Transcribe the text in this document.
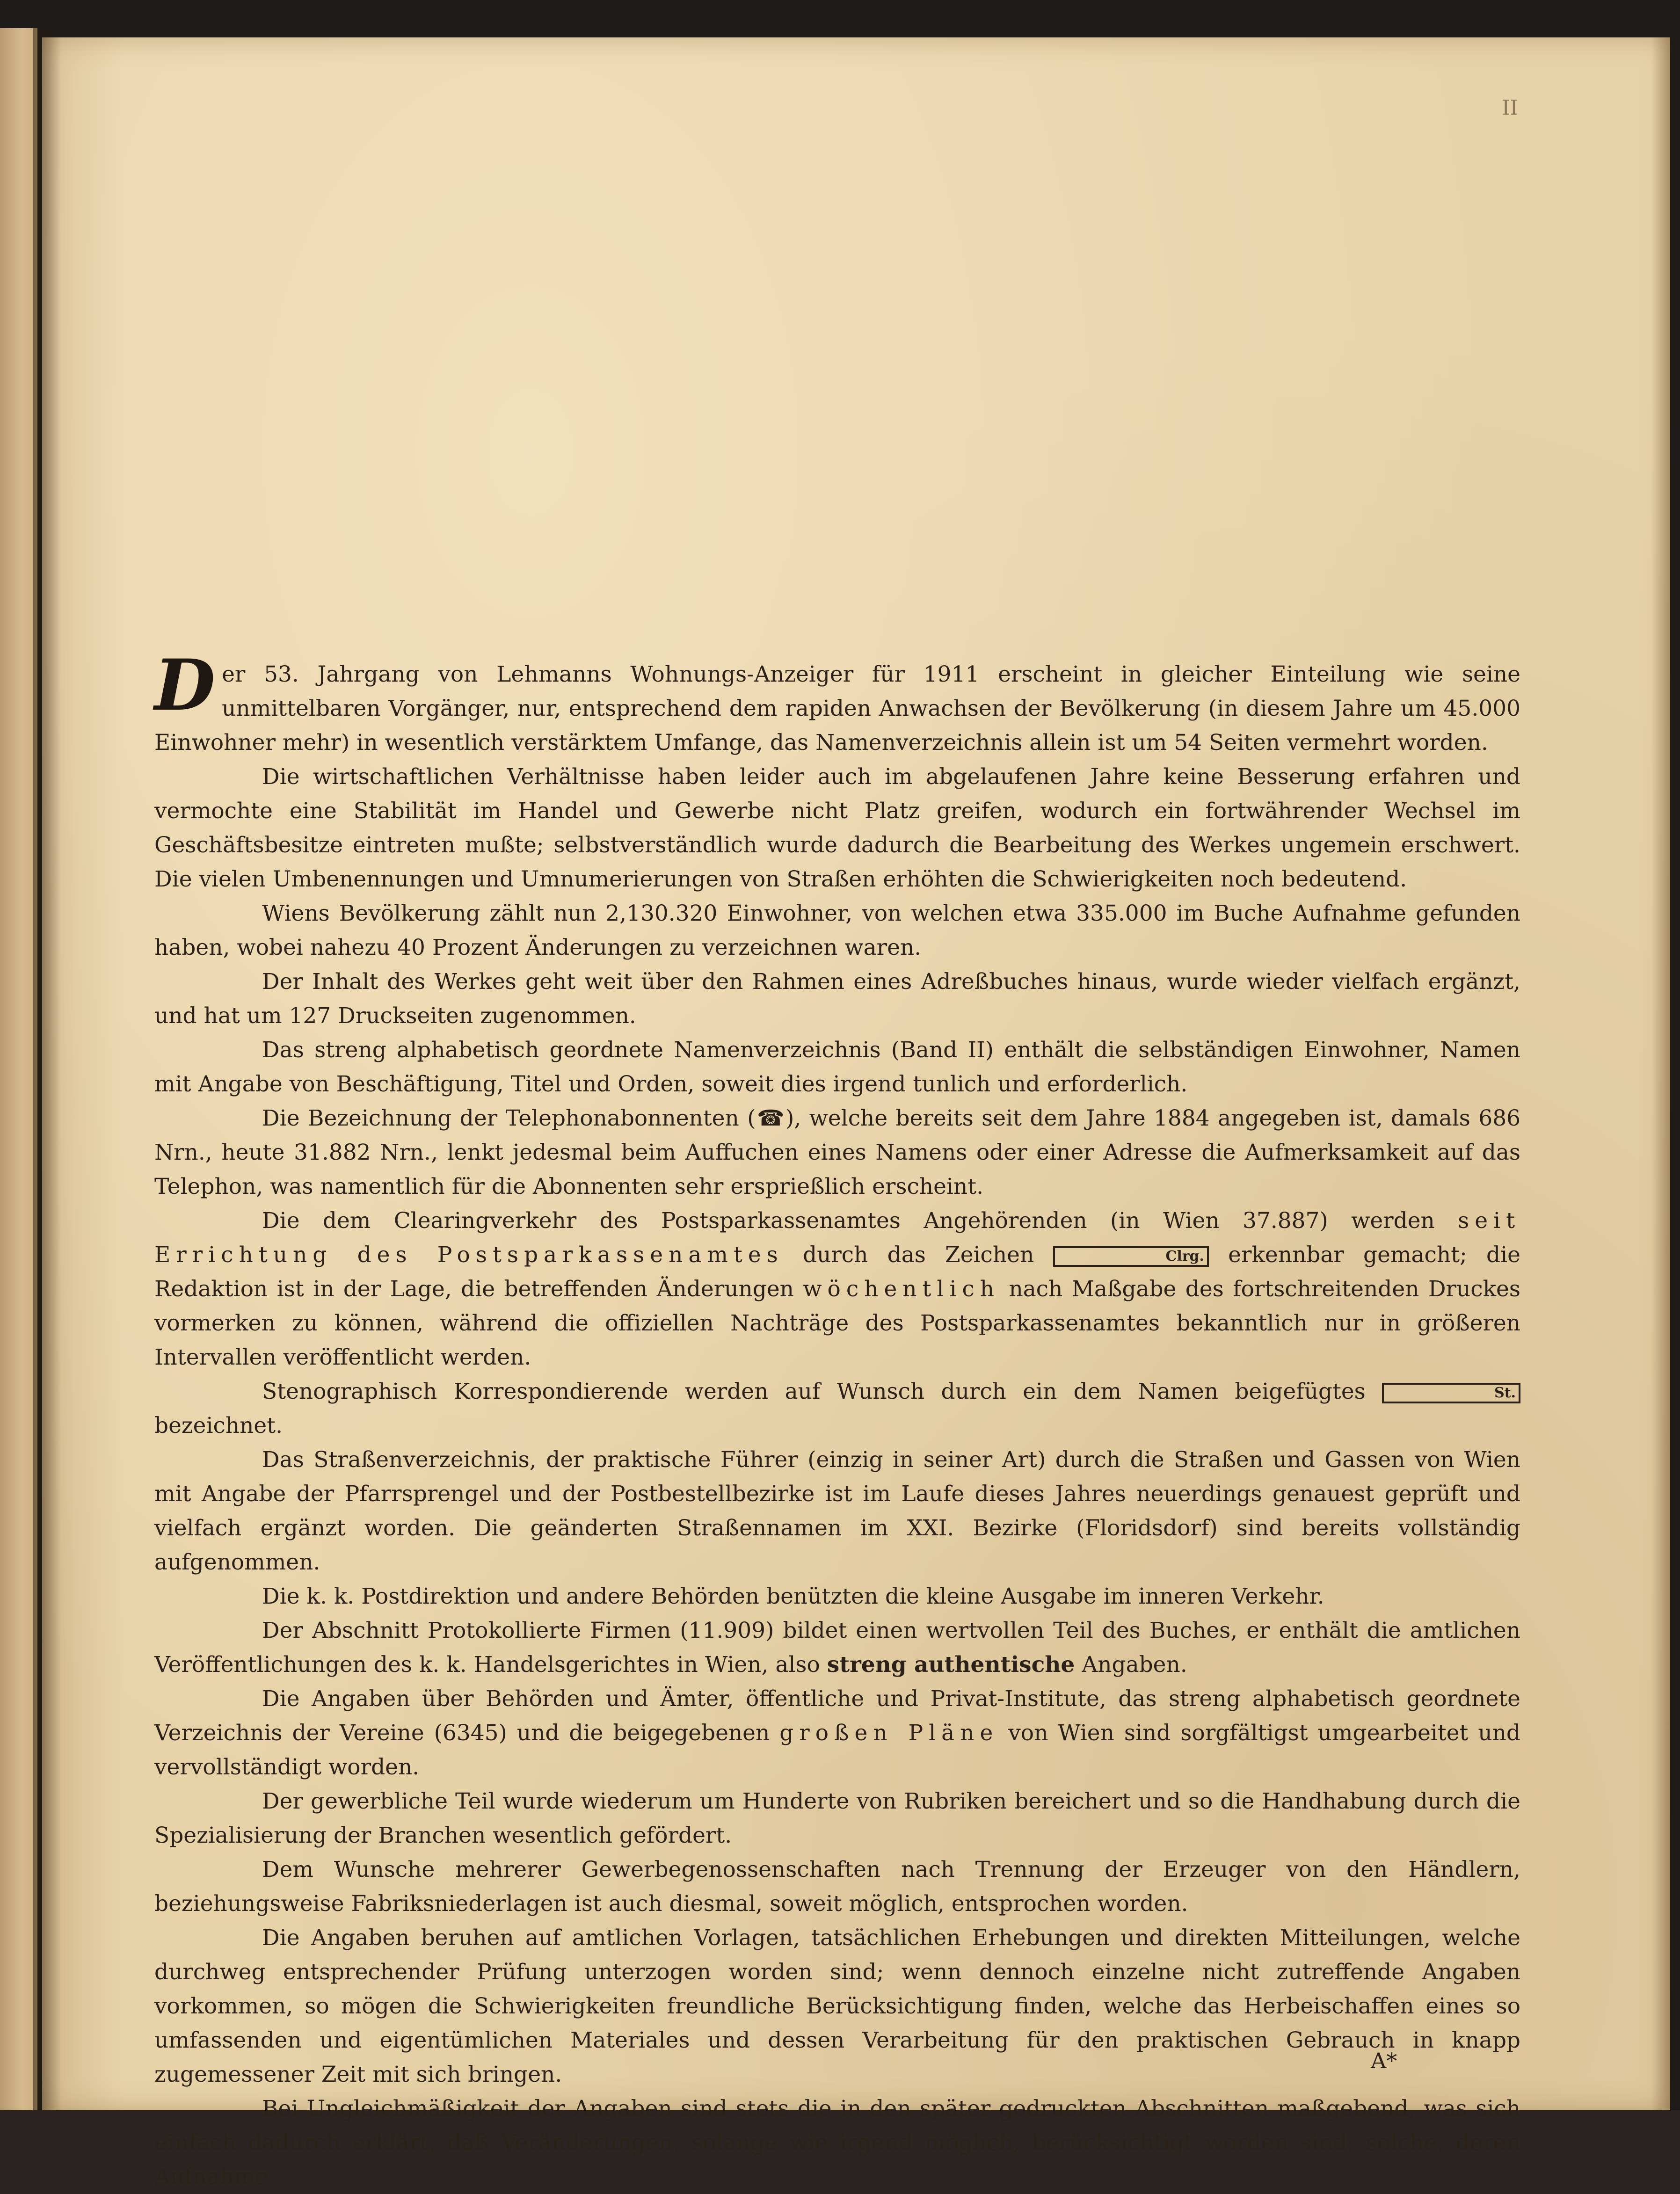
II

Der 53. Jahrgang von Lehmanns Wohnungs-Anzeiger für 1911 erscheint in gleicher Einteilung wie seine unmittelbaren Vorgänger, nur, entsprechend dem rapiden Anwachsen der Bevölkerung (in diesem Jahre um 45.000 Einwohner mehr) in wesentlich verstärktem Umfange, das Namenverzeichnis allein ist um 54 Seiten vermehrt worden.

Die wirtschaftlichen Verhältnisse haben leider auch im abgelaufenen Jahre keine Besserung erfahren und vermochte eine Stabilität im Handel und Gewerbe nicht Platz greifen, wodurch ein fortwährender Wechsel im Geschäftsbesitze eintreten mußte; selbstverständlich wurde dadurch die Bearbeitung des Werkes ungemein erschwert. Die vielen Umbenennungen und Umnumerierungen von Straßen erhöhten die Schwierigkeiten noch bedeutend.

Wiens Bevölkerung zählt nun 2,130.320 Einwohner, von welchen etwa 335.000 im Buche Aufnahme gefunden haben, wobei nahezu 40 Prozent Änderungen zu verzeichnen waren.

Der Inhalt des Werkes geht weit über den Rahmen eines Adreßbuches hinaus, wurde wieder vielfach ergänzt, und hat um 127 Druckseiten zugenommen.

Das streng alphabetisch geordnete Namenverzeichnis (Band II) enthält die selbständigen Einwohner, Namen mit Angabe von Beschäftigung, Titel und Orden, soweit dies irgend tunlich und erforderlich.

Die Bezeichnung der Telephonabonnenten (☎), welche bereits seit dem Jahre 1884 angegeben ist, damals 686 Nrn., heute 31.882 Nrn., lenkt jedesmal beim Auffuchen eines Namens oder einer Adresse die Aufmerksamkeit auf das Telephon, was namentlich für die Abonnenten sehr ersprießlich erscheint.

Die dem Clearingverkehr des Postsparkassenamtes Angehörenden (in Wien 37.887) werden seit Errichtung des Postsparkassenamtes durch das Zeichen	Clrg. erkennbar gemacht; die Redaktion ist in der Lage, die betreffenden Änderungen wöchentlich nach Maßgabe des fortschreitenden Druckes vormerken zu können, während die offiziellen Nachträge des Postsparkassenamtes bekanntlich nur in größeren Intervallen veröffentlicht werden.

Stenographisch Korrespondierende werden auf Wunsch durch ein dem Namen beigefügtes	St. bezeichnet.

Das Straßenverzeichnis, der praktische Führer (einzig in seiner Art) durch die Straßen und Gassen von Wien mit Angabe der Pfarrsprengel und der Postbestellbezirke ist im Laufe dieses Jahres neuerdings genauest geprüft und vielfach ergänzt worden. Die geänderten Straßennamen im XXI. Bezirke (Floridsdorf) sind bereits vollständig aufgenommen.

Die k. k. Postdirektion und andere Behörden benützten die kleine Ausgabe im inneren Verkehr.

Der Abschnitt Protokollierte Firmen (11.909) bildet einen wertvollen Teil des Buches, er enthält die amtlichen Veröffentlichungen des k. k. Handelsgerichtes in Wien, also streng authentische Angaben.

Die Angaben über Behörden und Ämter, öffentliche und Privat-Institute, das streng alphabetisch geordnete Verzeichnis der Vereine (6345) und die beigegebenen großen Pläne von Wien sind sorgfältigst umgearbeitet und vervollständigt worden.

Der gewerbliche Teil wurde wiederum um Hunderte von Rubriken bereichert und so die Handhabung durch die Spezialisierung der Branchen wesentlich gefördert.

Dem Wunsche mehrerer Gewerbegenossenschaften nach Trennung der Erzeuger von den Händlern, beziehungsweise Fabriksniederlagen ist auch diesmal, soweit möglich, entsprochen worden.

Die Angaben beruhen auf amtlichen Vorlagen, tatsächlichen Erhebungen und direkten Mitteilungen, welche durchweg entsprechender Prüfung unterzogen worden sind; wenn dennoch einzelne nicht zutreffende Angaben vorkommen, so mögen die Schwierigkeiten freundliche Berücksichtigung finden, welche das Herbeischaffen eines so umfassenden und eigentümlichen Materiales und dessen Verarbeitung für den praktischen Gebrauch in knapp zugemessener Zeit mit sich bringen.

Bei Ungleichmäßigkeit der Angaben sind stets die in den später gedruckten Abschnitten maßgebend, was sich einfach dadurch erklärt, daß Veränderungen, solange wie irgend möglich, berücksichtigt worden sind; solche, deren Aufnahme

A*
